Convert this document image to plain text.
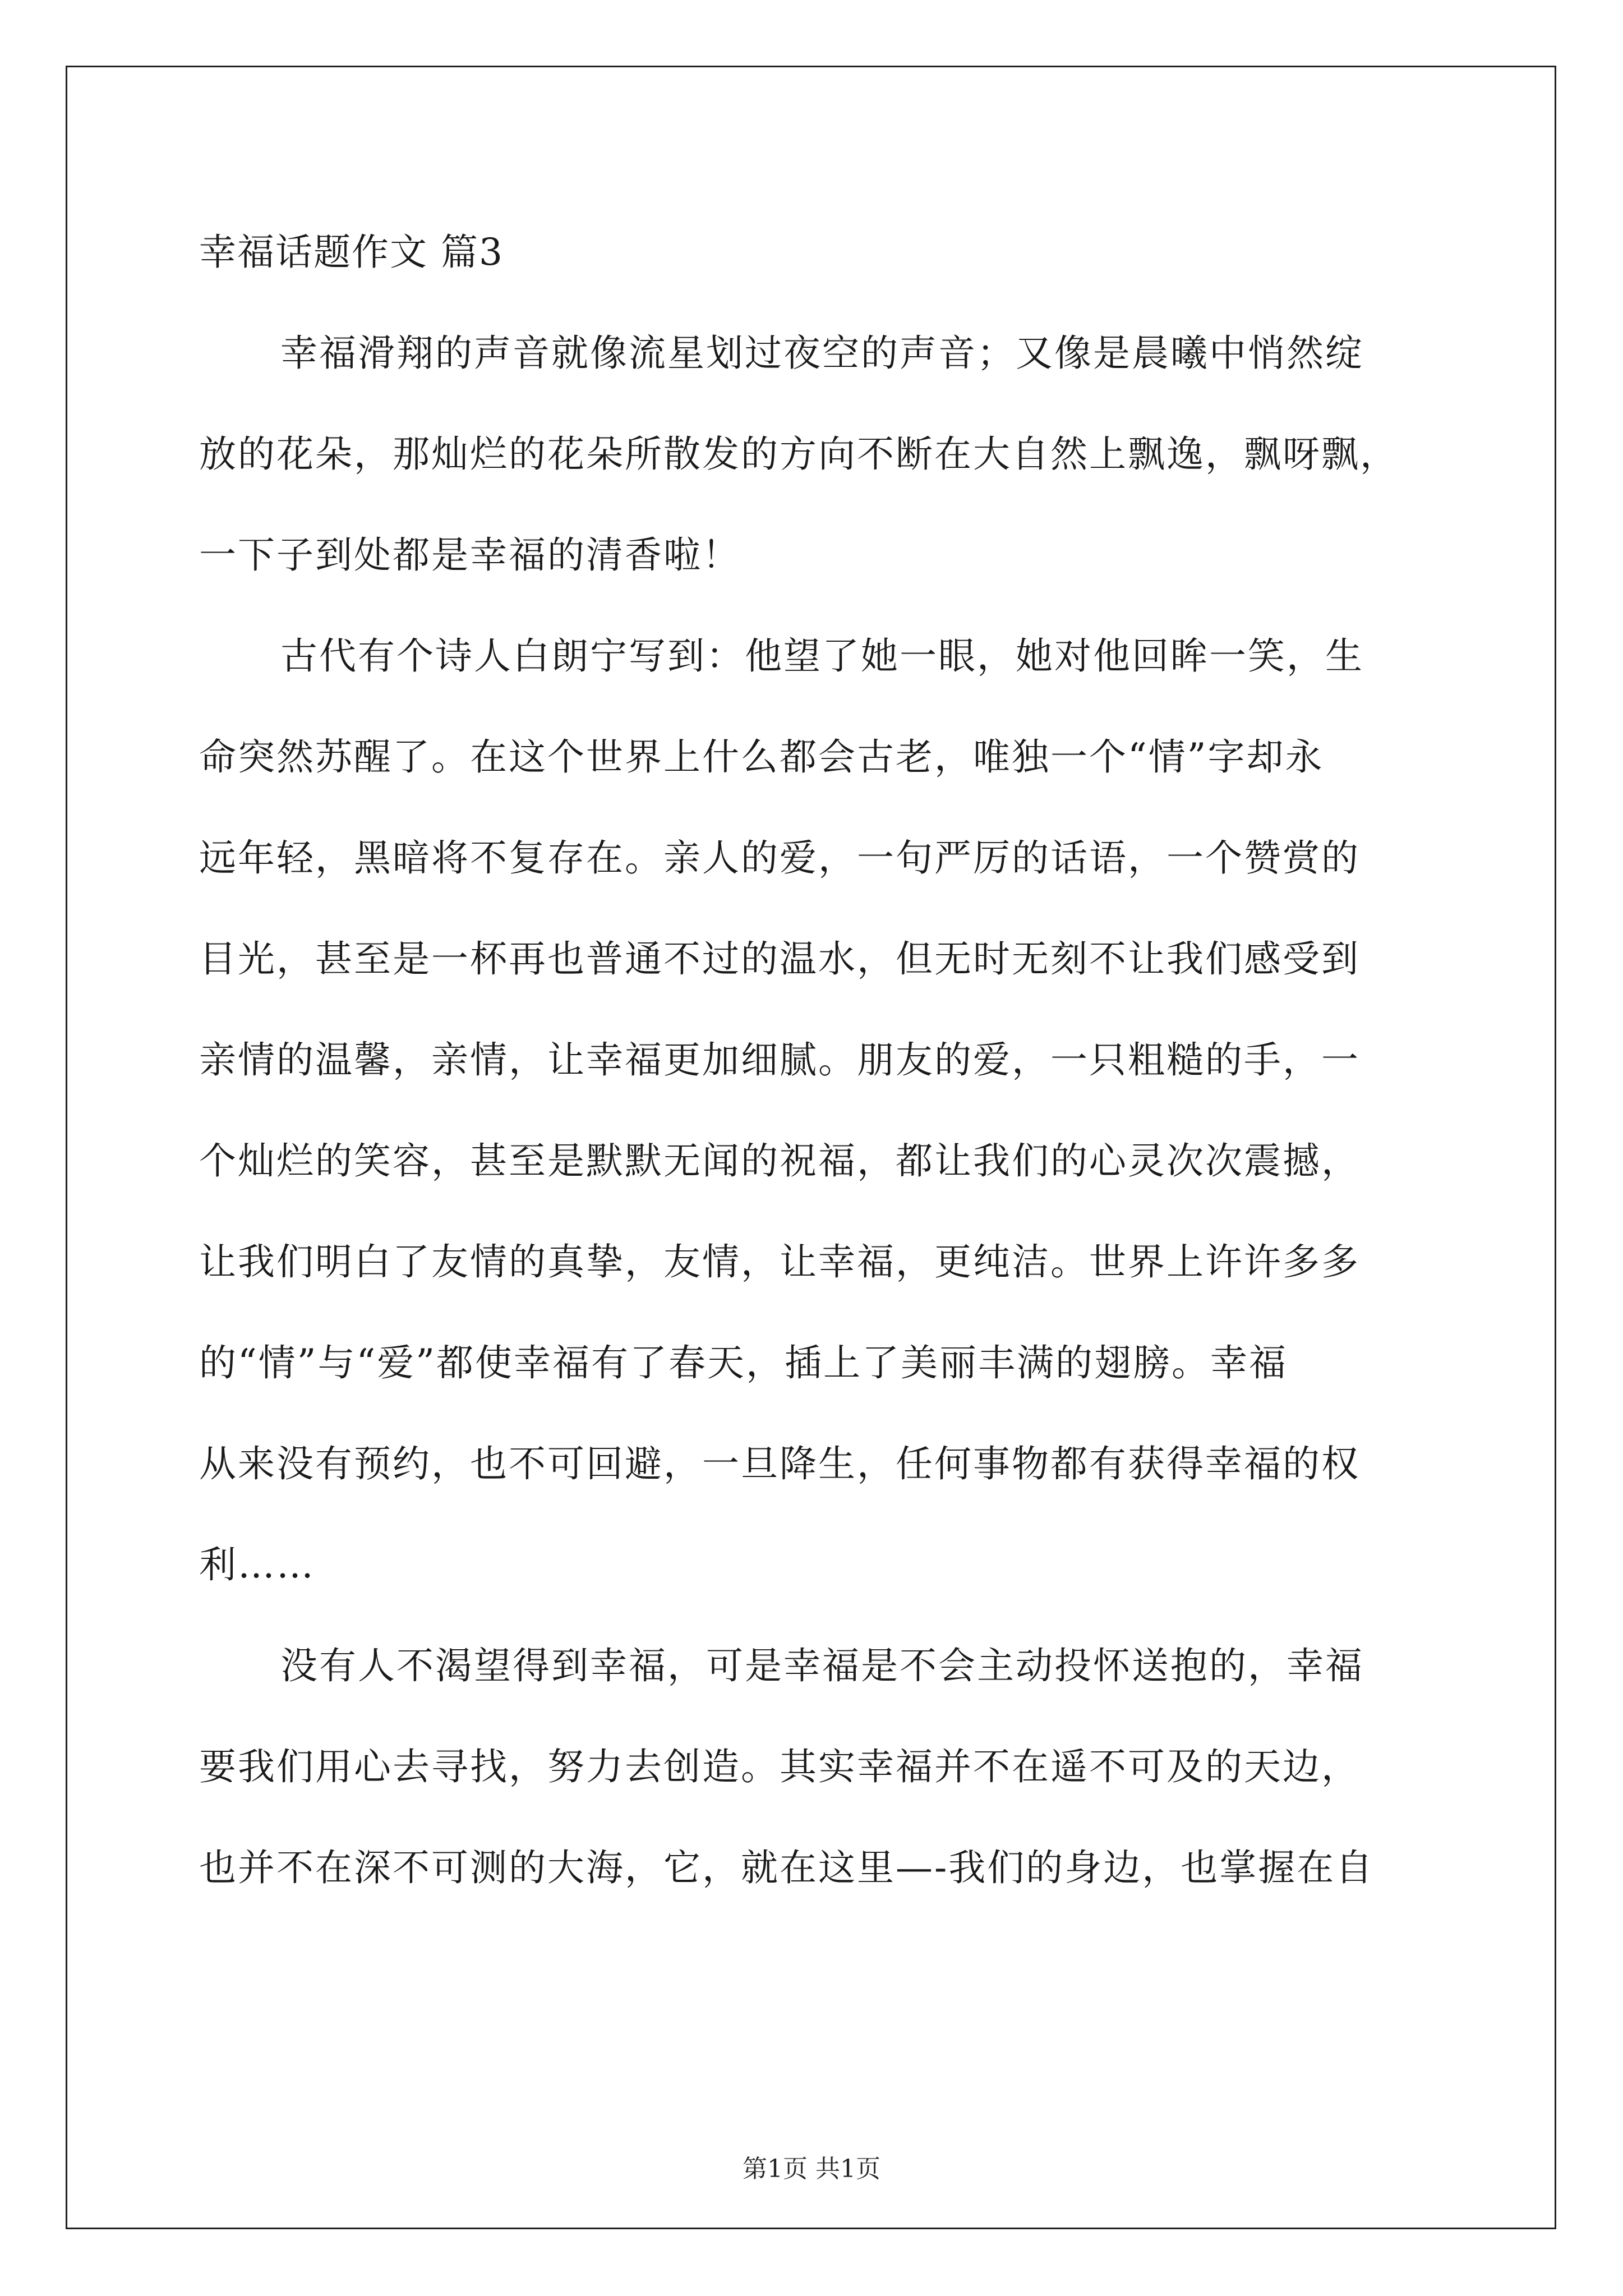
幸福话题作文 篇3

幸福滑翔的声音就像流星划过夜空的声音；又像是晨曦中悄然绽

放的花朵，那灿烂的花朵所散发的方向不断在大自然上飘逸，飘呀飘，

一下子到处都是幸福的清香啦！

古代有个诗人白朗宁写到：他望了她一眼，她对他回眸一笑，生

命突然苏醒了。在这个世界上什么都会古老，唯独一个“情”字却永

远年轻，黑暗将不复存在。亲人的爱，一句严厉的话语，一个赞赏的

目光，甚至是一杯再也普通不过的温水，但无时无刻不让我们感受到

亲情的温馨，亲情，让幸福更加细腻。朋友的爱，一只粗糙的手，一

个灿烂的笑容，甚至是默默无闻的祝福，都让我们的心灵次次震撼，

让我们明白了友情的真挚，友情，让幸福，更纯洁。世界上许许多多

的“情”与“爱”都使幸福有了春天，插上了美丽丰满的翅膀。幸福

从来没有预约，也不可回避，一旦降生，任何事物都有获得幸福的权

利……

没有人不渴望得到幸福，可是幸福是不会主动投怀送抱的，幸福

要我们用心去寻找，努力去创造。其实幸福并不在遥不可及的天边，

也并不在深不可测的大海，它，就在这里—-我们的身边，也掌握在自

第1页 共1页
